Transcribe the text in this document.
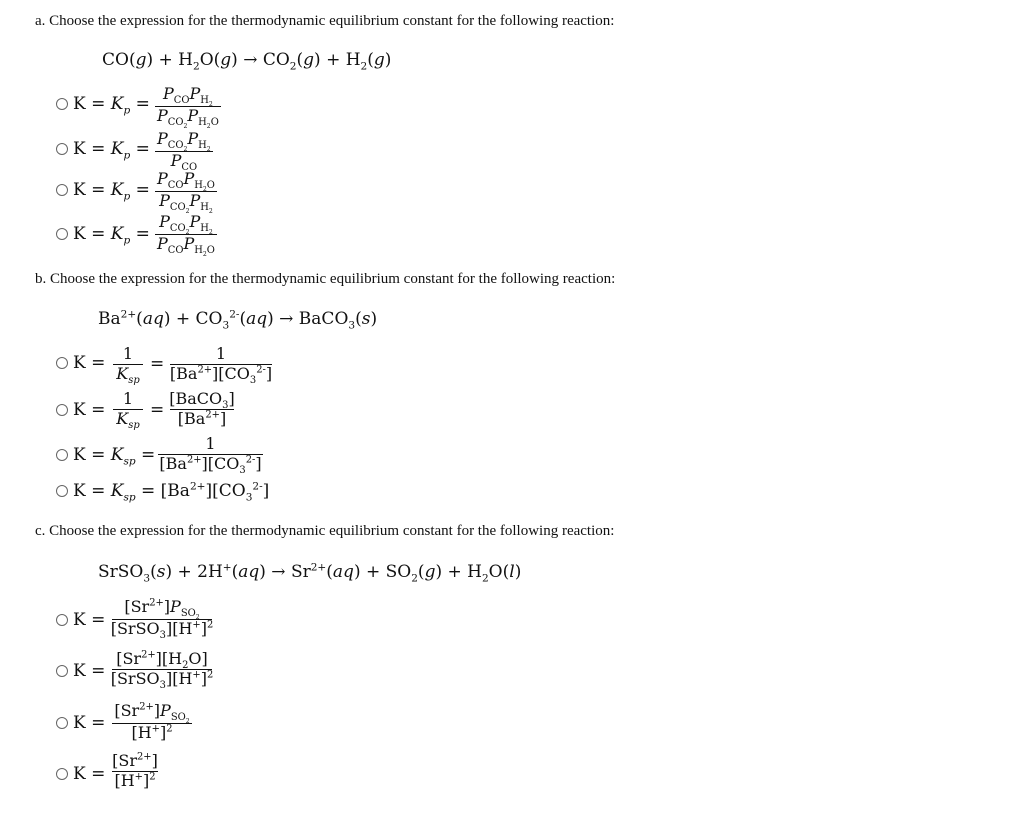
a. Choose the expression for the thermodynamic equilibrium constant for the following reaction:
$CO(g) + H_2O(g) \to CO_2(g) + H_2(g)$
$K = K_p$ =
$P_{CO}P_{H_2}$
$P_{CO_2}P_{H_2O}$
$K = K_p$ =
$P_{CO_2}P_{H_2}$
$P_{CO}$
$K = K_p$ =
$P_{CO}P_{H_2O}$
$P_{CO_2}P_{H_2}$
$K = K_p$ =
$P_{CO_2}P_{H_2}$
$P_{CO}P_{H_2O}$
b. Choose the expression for the thermodynamic equilibrium constant for the following reaction:
$Ba^{2+}(aq) + CO_3^{2-}(aq)$ → BaCO$_3$(s)
K = 1
$K_{sp}$
=
1
$[Ba^{2+}][CO_3^{2-}]$
K =
1
$K_{sp}$
=
[BaCO$_3$]
$[Ba^{2+}]$
$K = K_{sp}$ =
1
$[Ba^{2+}][CO_3^{2-}]$
$K = K_{sp} = [Ba^{2+}][CO_3^{2-}]$
c. Choose the expression for the thermodynamic equilibrium constant for the following reaction:
SrSO$_3$(s) + $2H^+(aq) \to Sr^{2+}(aq) + SO_2(g) + H_2O(l)$
K =
$[Sr^{2+}]P_{SO_2}$
$[SrSO_3][H^+]^2$
K =
$[Sr^{2+}][H_2O]$
$[SrSO_3][H^+]^2$
K =
$[Sr^{2+}]P_{SO_2}$
$[H^+]^2$
K =
$[Sr^{2+}]$
$[H^+]^2$
